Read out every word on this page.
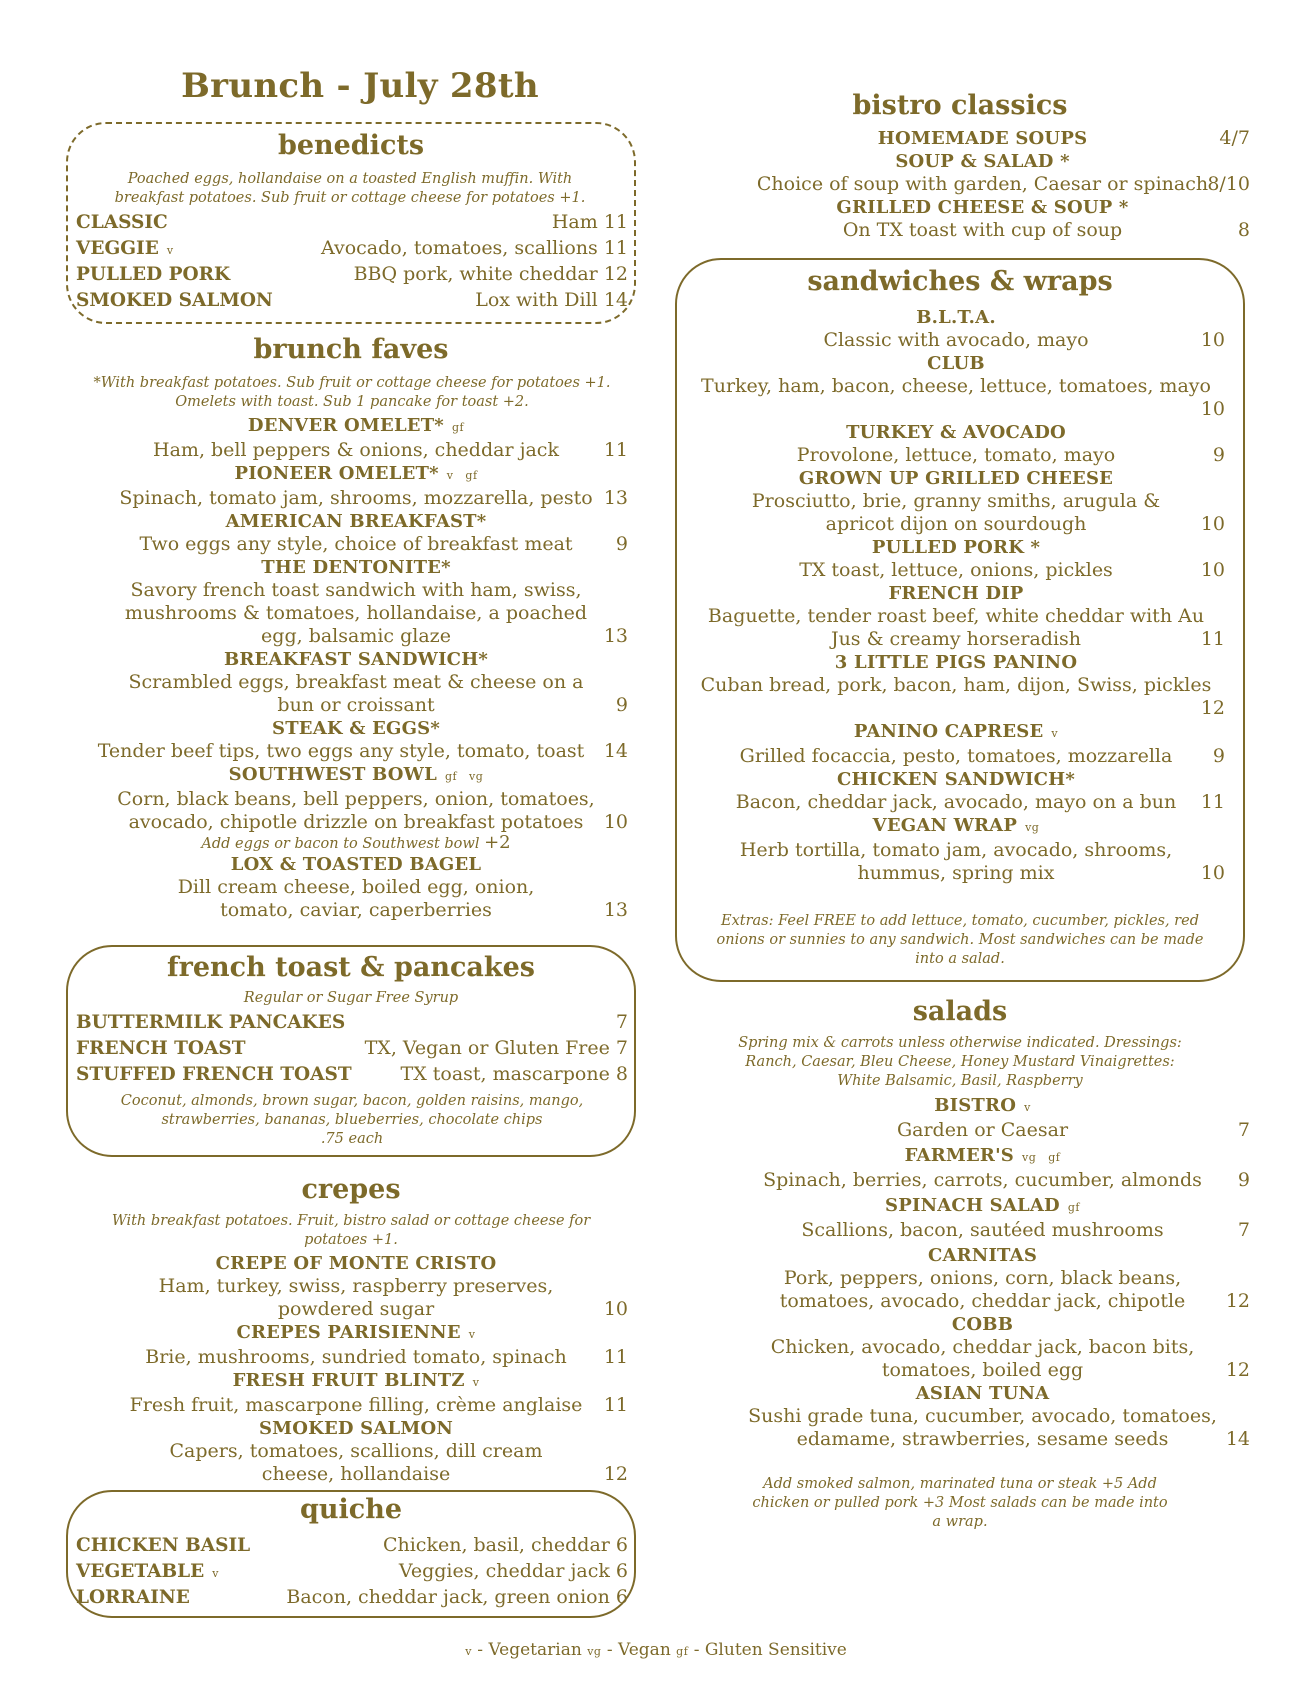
Brunch - July 28th
benedicts
Poached eggs, hollandaise on a toasted English muffin. With breakfast potatoes. Sub fruit or cottage cheese for potatoes +1.
CLASSIC	Ham 11
VEGGIE v	Avocado, tomatoes, scallions 11
PULLED PORK	BBQ pork, white cheddar 12
SMOKED SALMON	Lox with Dill 14
brunch faves
*With breakfast potatoes. Sub fruit or cottage cheese for potatoes +1. Omelets with toast. Sub 1 pancake for toast +2.
DENVER OMELET* gf
Ham, bell peppers & onions, cheddar jack 11
PIONEER OMELET* v   gf
Spinach, tomato jam, shrooms, mozzarella, pesto 13
AMERICAN BREAKFAST*
Two eggs any style, choice of breakfast meat 9
THE DENTONITE*
Savory french toast sandwich with ham, swiss, mushrooms & tomatoes, hollandaise, a poached egg, balsamic glaze	13
BREAKFAST SANDWICH*
Scrambled eggs, breakfast meat & cheese on a bun or croissant	9
STEAK & EGGS*
Tender beef tips, two eggs any style, tomato, toast 14
SOUTHWEST BOWL gf   vg
Corn, black beans, bell peppers, onion, tomatoes, avocado, chipotle drizzle on breakfast potatoes 10
Add eggs or bacon to Southwest bowl +2
LOX & TOASTED BAGEL
Dill cream cheese, boiled egg, onion, tomato, caviar, caperberries	13
french toast & pancakes
Regular or Sugar Free Syrup
BUTTERMILK PANCAKES	7
FRENCH TOAST	TX, Vegan or Gluten Free 7
STUFFED FRENCH TOAST	TX toast, mascarpone 8
Coconut, almonds, brown sugar, bacon, golden raisins, mango, strawberries, bananas, blueberries, chocolate chips
.75 each
crepes
With breakfast potatoes. Fruit, bistro salad or cottage cheese for potatoes +1.
CREPE OF MONTE CRISTO
Ham, turkey, swiss, raspberry preserves, powdered sugar	10
CREPES PARISIENNE v
Brie, mushrooms, sundried tomato, spinach 11
FRESH FRUIT BLINTZ v
Fresh fruit, mascarpone filling, crème anglaise 11
SMOKED SALMON
Capers, tomatoes, scallions, dill cream cheese, hollandaise	12
quiche
CHICKEN BASIL	Chicken, basil, cheddar 6
VEGETABLE v	Veggies, cheddar jack 6
LORRAINE	Bacon, cheddar jack, green onion 6
bistro classics
HOMEMADE SOUPS	4/7
SOUP & SALAD *
Choice of soup with garden, Caesar or spinach 8/10
GRILLED CHEESE & SOUP *
On TX toast with cup of soup	8
sandwiches & wraps
B.L.T.A.
Classic with avocado, mayo	10
CLUB
Turkey, ham, bacon, cheese, lettuce, tomatoes, mayo
10
TURKEY & AVOCADO
Provolone, lettuce, tomato, mayo	9
GROWN UP GRILLED CHEESE
Prosciutto, brie, granny smiths, arugula & apricot dijon on sourdough	10
PULLED PORK *
TX toast, lettuce, onions, pickles	10
FRENCH DIP
Baguette, tender roast beef, white cheddar with Au Jus & creamy horseradish	11
3 LITTLE PIGS PANINO
Cuban bread, pork, bacon, ham, dijon, Swiss, pickles
12
PANINO CAPRESE v
Grilled focaccia, pesto, tomatoes, mozzarella 9
CHICKEN SANDWICH*
Bacon, cheddar jack, avocado, mayo on a bun 11
VEGAN WRAP vg
Herb tortilla, tomato jam, avocado, shrooms, hummus, spring mix	10
Extras: Feel FREE to add lettuce, tomato, cucumber, pickles, red onions or sunnies to any sandwich. Most sandwiches can be made into a salad.
salads
Spring mix & carrots unless otherwise indicated. Dressings: Ranch, Caesar, Bleu Cheese, Honey Mustard Vinaigrettes: White Balsamic, Basil, Raspberry
BISTRO v
Garden or Caesar	7
FARMER'S vg   gf
Spinach, berries, carrots, cucumber, almonds 9
SPINACH SALAD gf
Scallions, bacon, sautéed mushrooms	7
CARNITAS
Pork, peppers, onions, corn, black beans, tomatoes, avocado, cheddar jack, chipotle 12
COBB
Chicken, avocado, cheddar jack, bacon bits, tomatoes, boiled egg	12
ASIAN TUNA
Sushi grade tuna, cucumber, avocado, tomatoes, edamame, strawberries, sesame seeds	14
Add smoked salmon, marinated tuna or steak +5 Add chicken or pulled pork +3 Most salads can be made into a wrap.
v - Vegetarian vg - Vegan gf - Gluten Sensitive
